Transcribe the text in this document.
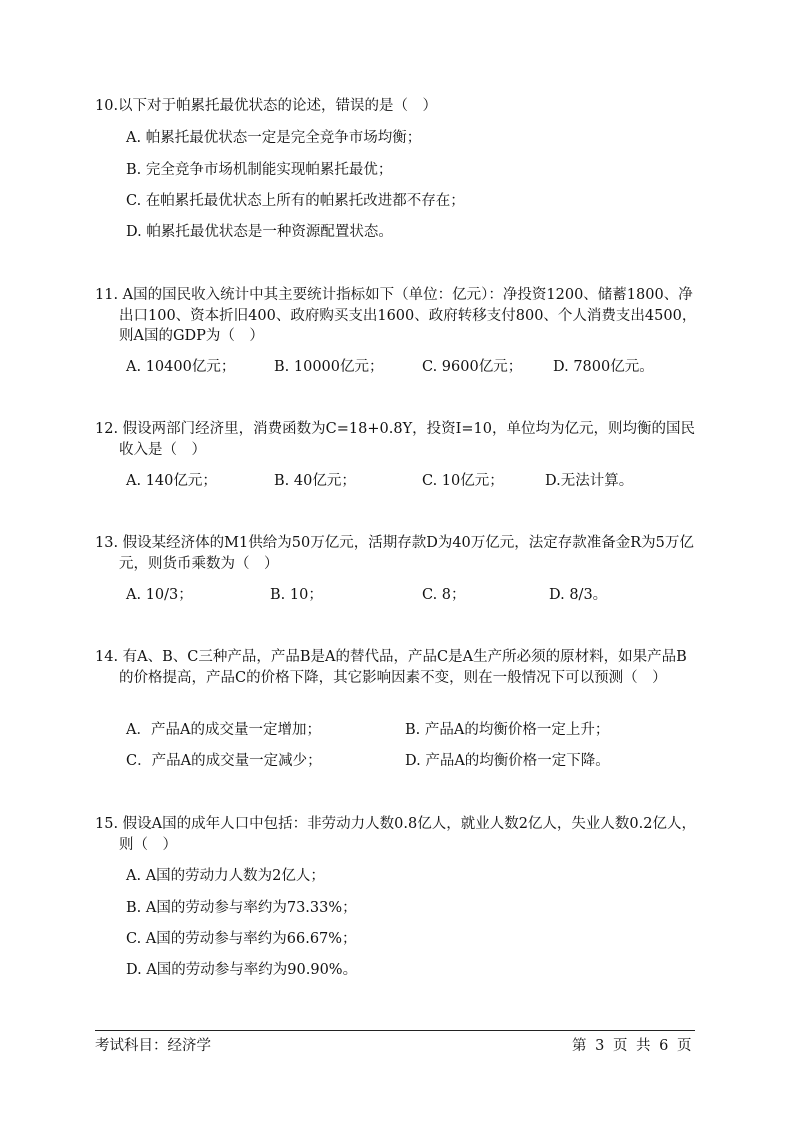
10.以下对于帕累托最优状态的论述，错误的是（　）

A. 帕累托最优状态一定是完全竞争市场均衡；
B. 完全竞争市场机制能实现帕累托最优；
C. 在帕累托最优状态上所有的帕累托改进都不存在；
D. 帕累托最优状态是一种资源配置状态。

11. A国的国民收入统计中其主要统计指标如下（单位：亿元）：净投资1200、储蓄1800、净出口100、资本折旧400、政府购买支出1600、政府转移支付800、个人消费支出4500，则A国的GDP为（　）

A. 10400亿元；	B. 10000亿元；	C. 9600亿元； D. 7800亿元。

12. 假设两部门经济里，消费函数为C=18+0.8Y，投资I=10，单位均为亿元，则均衡的国民收入是（　）

A. 140亿元；	B. 40亿元；	C. 10亿元；	D.无法计算。

13. 假设某经济体的M1供给为50万亿元，活期存款D为40万亿元，法定存款准备金R为5万亿元，则货币乘数为（　）

A. 10/3；	B. 10；	C. 8；	D. 8/3。

14. 有A、B、C三种产品，产品B是A的替代品，产品C是A生产所必须的原材料，如果产品B的价格提高，产品C的价格下降，其它影响因素不变，则在一般情况下可以预测（　）

A．产品A的成交量一定增加；	B. 产品A的均衡价格一定上升；
C．产品A的成交量一定减少；	D. 产品A的均衡价格一定下降。

15. 假设A国的成年人口中包括：非劳动力人数0.8亿人，就业人数2亿人，失业人数0.2亿人，则（　）

A. A国的劳动力人数为2亿人；
B. A国的劳动参与率约为73.33%；
C. A国的劳动参与率约为66.67%；
D. A国的劳动参与率约为90.90%。
考试科目：经济学	第 3 页 共 6 页
